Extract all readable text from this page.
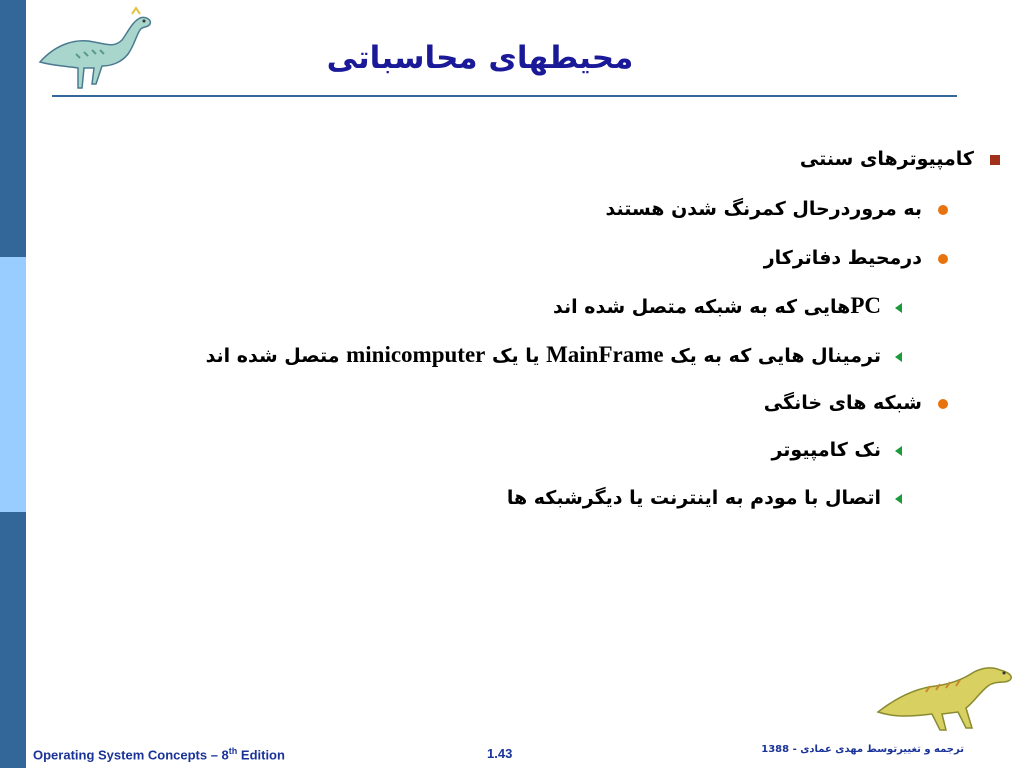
محیطهای محاسباتی
کامپیوترهای سنتی
به مروردرحال کمرنگ شدن هستند
درمحیط دفاترکار
PCهایی که به شبکه متصل شده اند
ترمینال هایی که به یک MainFrame یا یک minicomputer متصل شده اند
شبکه های خانگی
نک کامپیوتر
اتصال با مودم به اینترنت یا دیگرشبکه ها
Operating System Concepts – 8th Edition	1.43	ترجمه و تغییرتوسط مهدی عمادی - 1388
